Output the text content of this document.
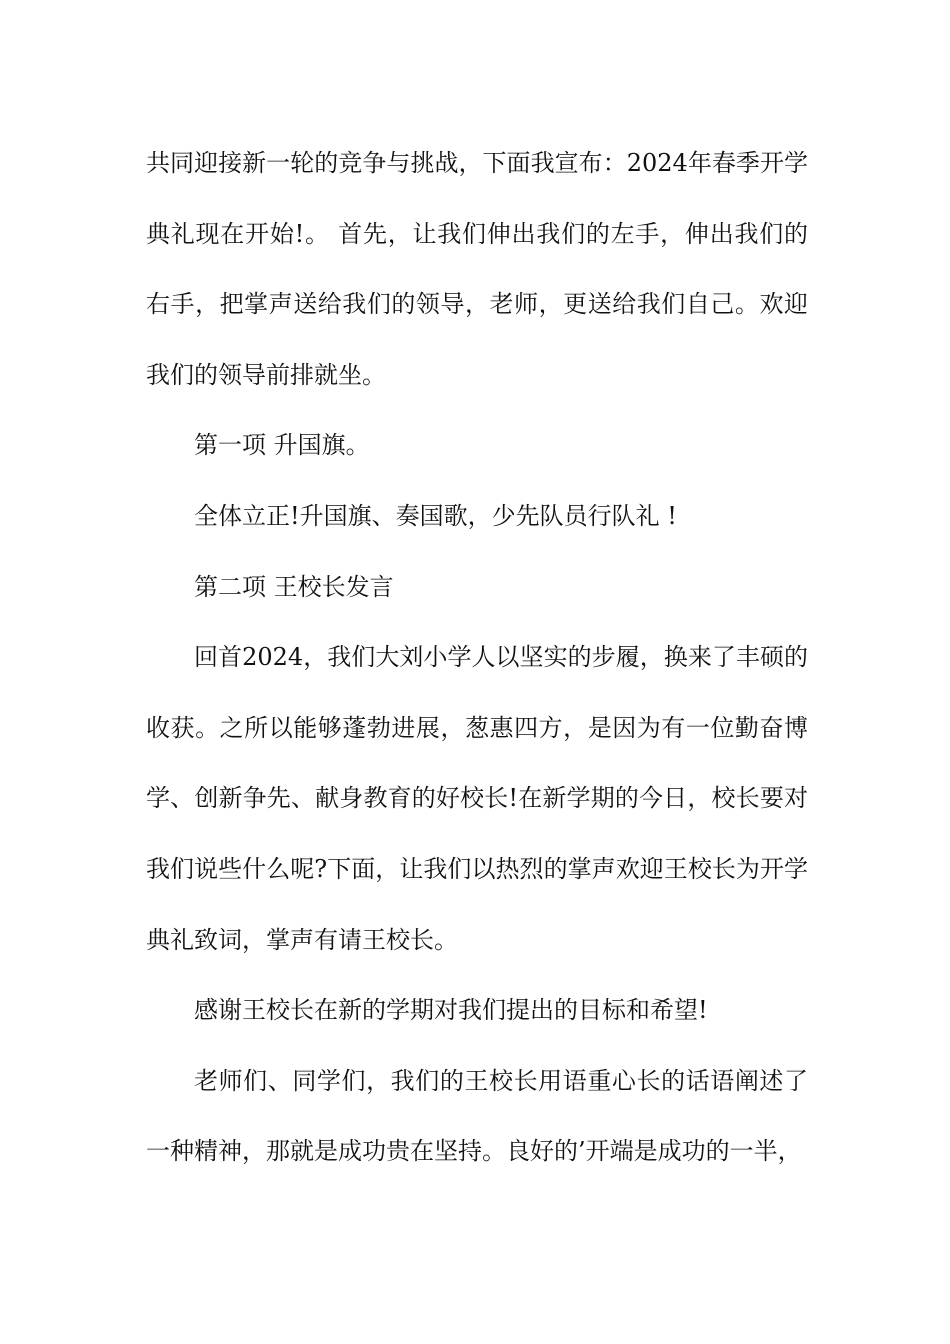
共同迎接新一轮的竞争与挑战，下面我宣布：2024年春季开学典礼现在开始!。 首先，让我们伸出我们的左手，伸出我们的右手，把掌声送给我们的领导，老师，更送给我们自己。欢迎我们的领导前排就坐。

第一项 升国旗。

全体立正!升国旗、奏国歌，少先队员行队礼 !

第二项 王校长发言

回首2024，我们大刘小学人以坚实的步履，换来了丰硕的收获。之所以能够蓬勃进展，葱惠四方，是因为有一位勤奋博学、创新争先、献身教育的好校长!在新学期的今日，校长要对我们说些什么呢?下面，让我们以热烈的掌声欢迎王校长为开学典礼致词，掌声有请王校长。

感谢王校长在新的学期对我们提出的目标和希望!

老师们、同学们，我们的王校长用语重心长的话语阐述了一种精神，那就是成功贵在坚持。良好的’开端是成功的一半，
